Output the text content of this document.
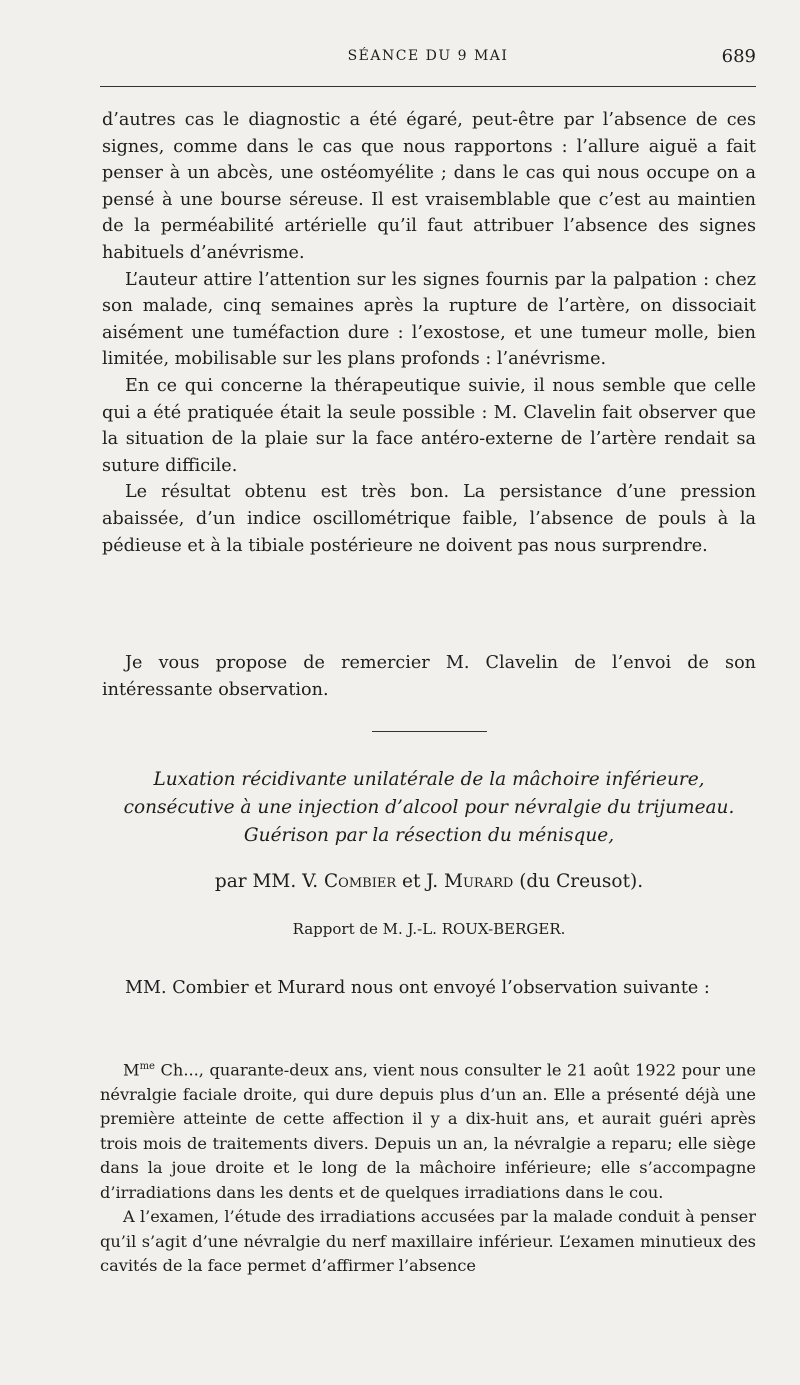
SÉANCE DU 9 MAI	689

d’autres cas le diagnostic a été égaré, peut-être par l’absence de ces signes, comme dans le cas que nous rapportons : l’allure aiguë a fait penser à un abcès, une ostéomyélite ; dans le cas qui nous occupe on a pensé à une bourse séreuse. Il est vraisemblable que c’est au maintien de la perméabilité artérielle qu’il faut attribuer l’absence des signes habituels d’anévrisme.

L’auteur attire l’attention sur les signes fournis par la palpation : chez son malade, cinq semaines après la rupture de l’artère, on dissociait aisément une tuméfaction dure : l’exostose, et une tumeur molle, bien limitée, mobilisable sur les plans profonds : l’anévrisme.

En ce qui concerne la thérapeutique suivie, il nous semble que celle qui a été pratiquée était la seule possible : M. Clavelin fait observer que la situation de la plaie sur la face antéro-externe de l’artère rendait sa suture difficile.

Le résultat obtenu est très bon. La persistance d’une pression abaissée, d’un indice oscillométrique faible, l’absence de pouls à la pédieuse et à la tibiale postérieure ne doivent pas nous surprendre.

Je vous propose de remercier M. Clavelin de l’envoi de son intéressante observation.

Luxation récidivante unilatérale de la mâchoire inférieure,
consécutive à une injection d’alcool pour névralgie du trijumeau.
Guérison par la résection du ménisque,
par MM. V. Combier et J. Murard (du Creusot).
Rapport de M. J.-L. ROUX-BERGER.

MM. Combier et Murard nous ont envoyé l’observation suivante :

$M^{me}$ Ch..., quarante-deux ans, vient nous consulter le 21 août 1922 pour une névralgie faciale droite, qui dure depuis plus d’un an. Elle a présenté déjà une première atteinte de cette affection il y a dix-huit ans, et aurait guéri après trois mois de traitements divers. Depuis un an, la névralgie a reparu; elle siège dans la joue droite et le long de la mâchoire inférieure; elle s’accompagne d’irradiations dans les dents et de quelques irradiations dans le cou.

A l’examen, l’étude des irradiations accusées par la malade conduit à penser qu’il s’agit d’une névralgie du nerf maxillaire inférieur. L’examen minutieux des cavités de la face permet d’affirmer l’absence
